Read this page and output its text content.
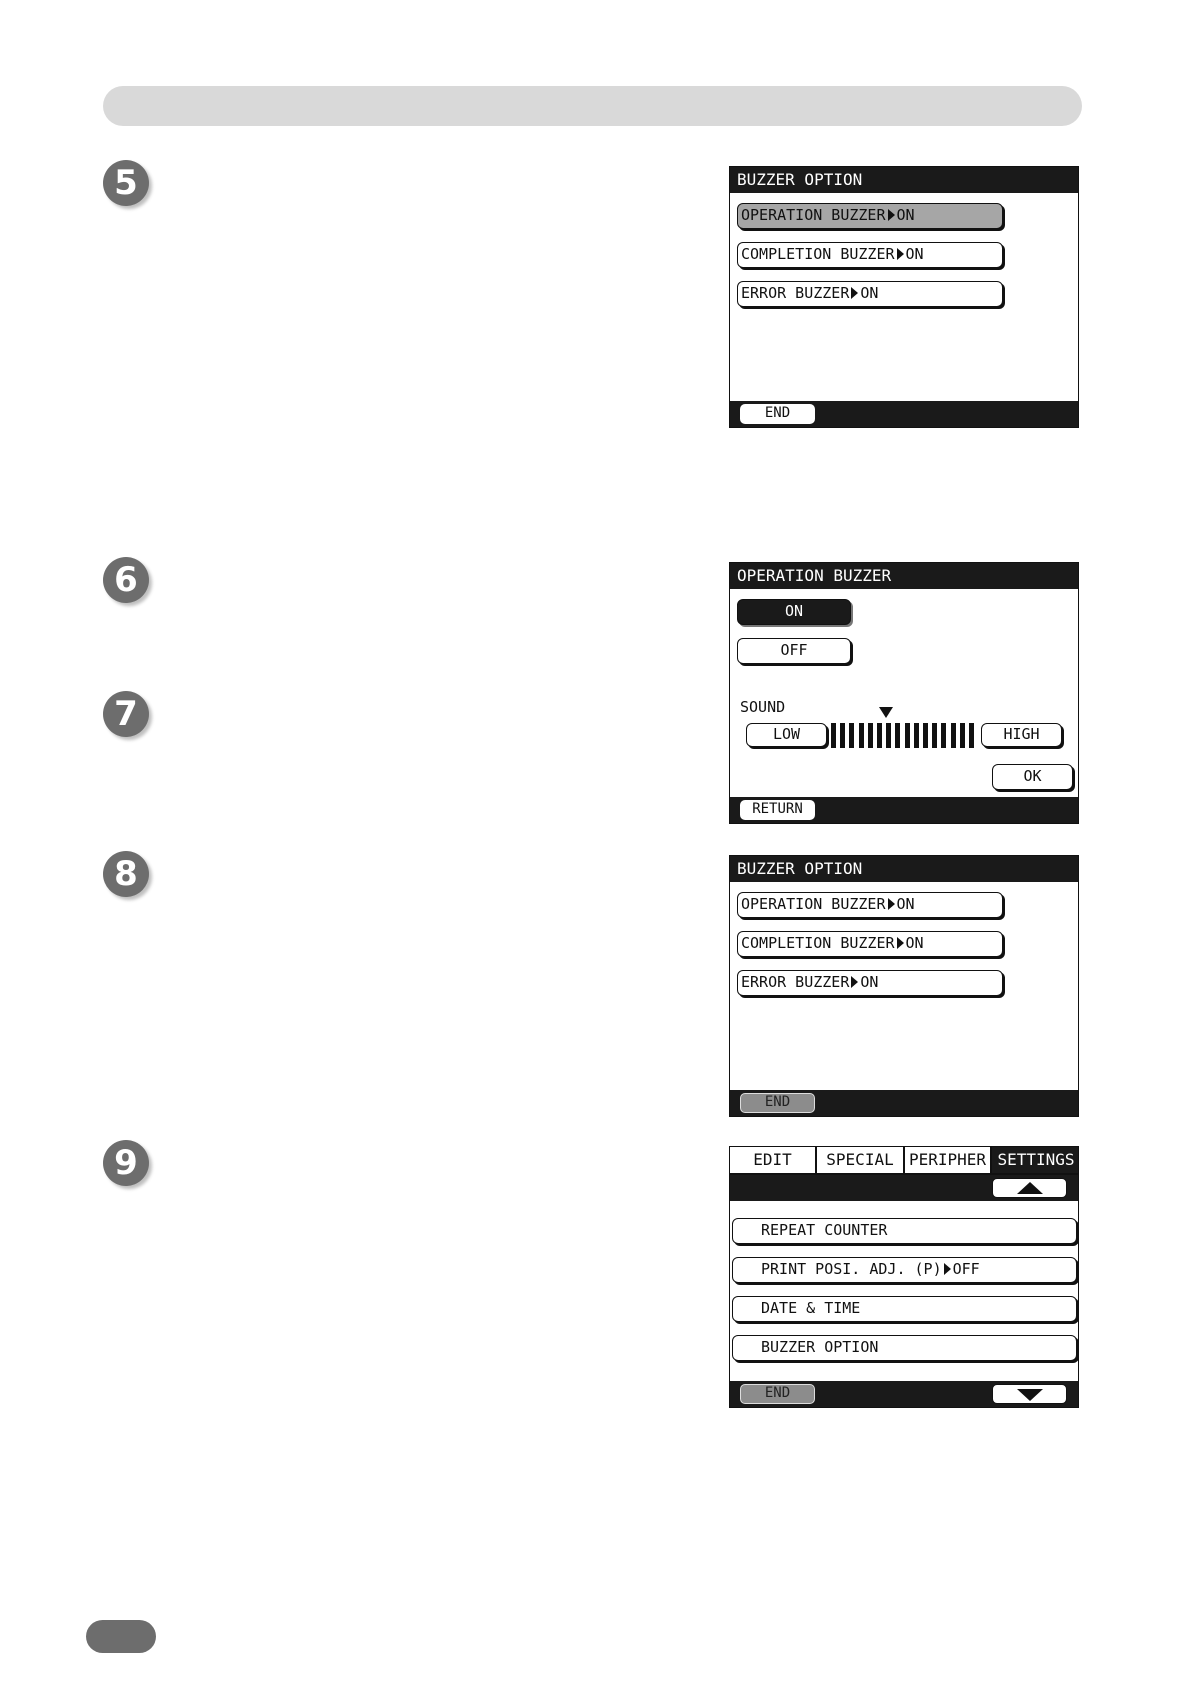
5
6
7
8
9
BUZZER OPTION
OPERATION BUZZER ON
COMPLETION BUZZER ON
ERROR BUZZER ON
END
OPERATION BUZZER
ON
OFF
SOUND
LOW	HIGH
OK
RETURN
BUZZER OPTION
OPERATION BUZZER ON
COMPLETION BUZZER ON
ERROR BUZZER ON
END
EDIT	SPECIAL PERIPHER SETTINGS
REPEAT COUNTER
PRINT POSI. ADJ. (P) OFF
DATE & TIME
BUZZER OPTION
END
